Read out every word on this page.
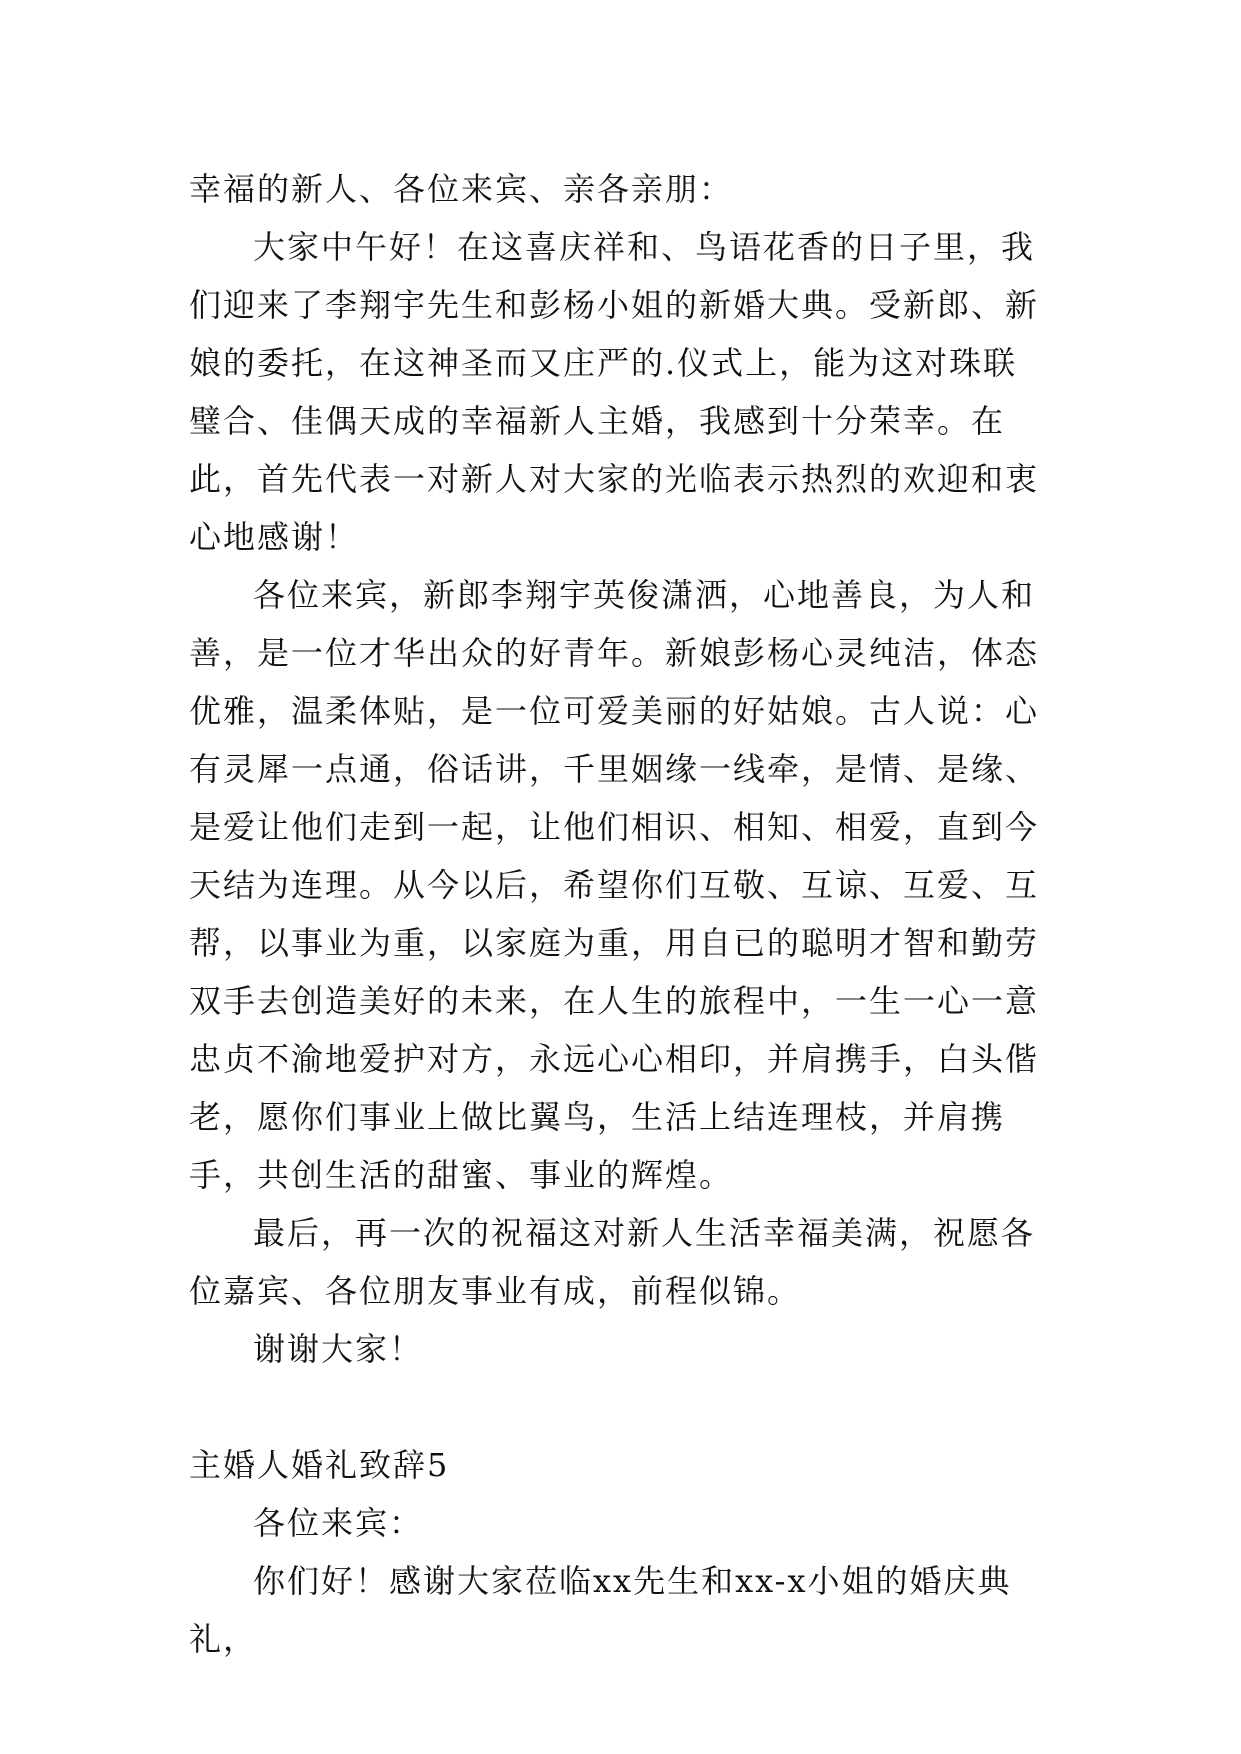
幸福的新人、各位来宾、亲各亲朋：

大家中午好！在这喜庆祥和、鸟语花香的日子里，我们迎来了李翔宇先生和彭杨小姐的新婚大典。受新郎、新娘的委托，在这神圣而又庄严的.仪式上，能为这对珠联璧合、佳偶天成的幸福新人主婚，我感到十分荣幸。在此，首先代表一对新人对大家的光临表示热烈的欢迎和衷心地感谢！

各位来宾，新郎李翔宇英俊潇洒，心地善良，为人和善，是一位才华出众的好青年。新娘彭杨心灵纯洁，体态优雅，温柔体贴，是一位可爱美丽的好姑娘。古人说：心有灵犀一点通，俗话讲，千里姻缘一线牵，是情、是缘、是爱让他们走到一起，让他们相识、相知、相爱，直到今天结为连理。从今以后，希望你们互敬、互谅、互爱、互帮，以事业为重，以家庭为重，用自已的聪明才智和勤劳双手去创造美好的未来，在人生的旅程中，一生一心一意忠贞不渝地爱护对方，永远心心相印，并肩携手，白头偕老，愿你们事业上做比翼鸟，生活上结连理枝，并肩携手，共创生活的甜蜜、事业的辉煌。

最后，再一次的祝福这对新人生活幸福美满，祝愿各位嘉宾、各位朋友事业有成，前程似锦。

谢谢大家！

主婚人婚礼致辞5

各位来宾：

你们好！感谢大家莅临xx先生和xx-x小姐的婚庆典礼，
